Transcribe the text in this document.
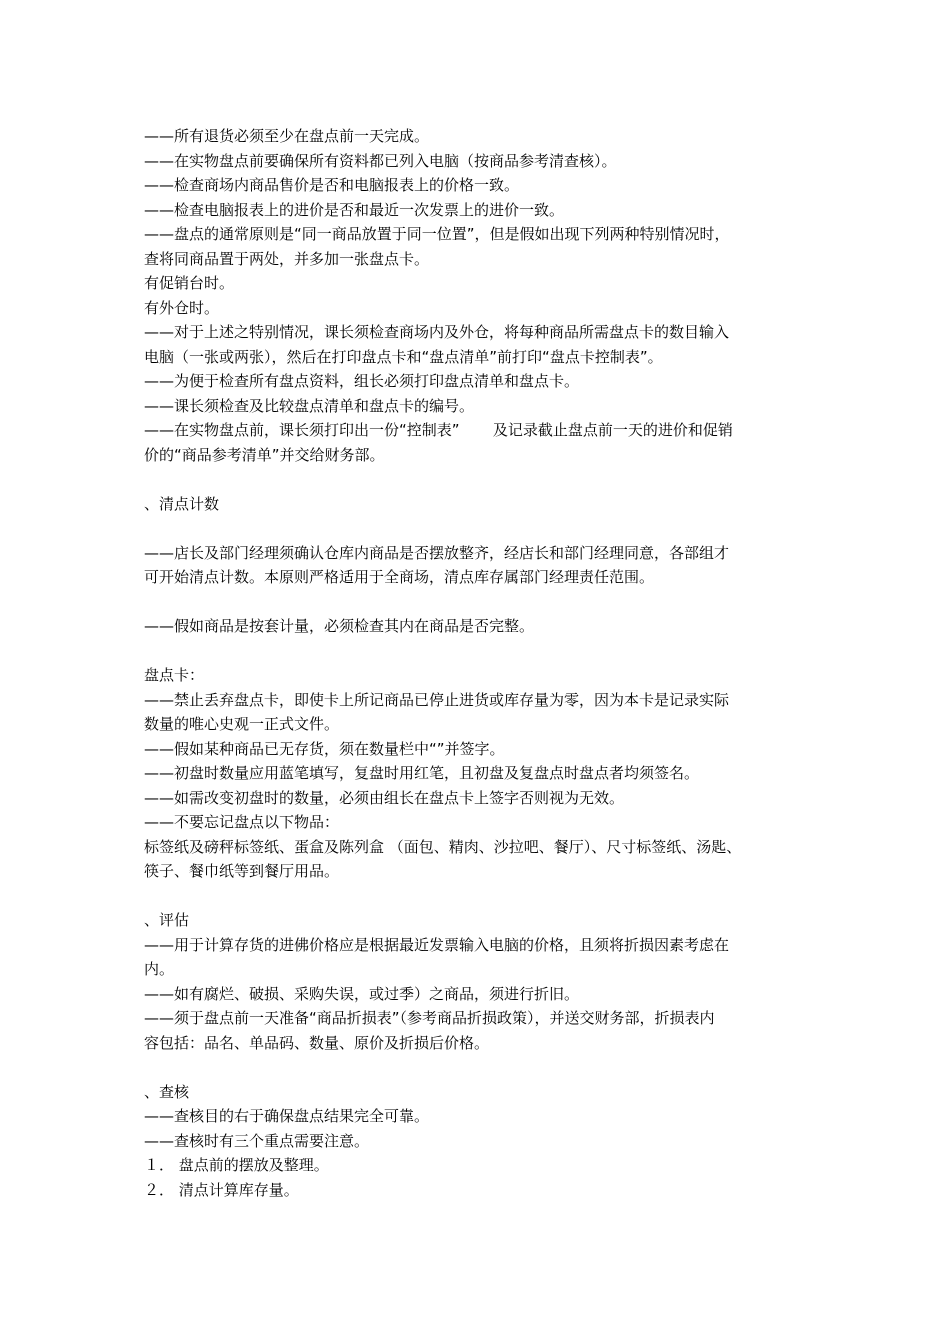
——所有退货必须至少在盘点前一天完成。
——在实物盘点前要确保所有资料都已列入电脑（按商品参考清查核）。
——检查商场内商品售价是否和电脑报表上的价格一致。
——检查电脑报表上的进价是否和最近一次发票上的进价一致。
——盘点的通常原则是“同一商品放置于同一位置”，但是假如出现下列两种特别情况时，
查将同商品置于两处，并多加一张盘点卡。
有促销台时。
有外仓时。
——对于上述之特别情况，课长须检查商场内及外仓，将每种商品所需盘点卡的数目输入
电脑（一张或两张），然后在打印盘点卡和“盘点清单”前打印“盘点卡控制表”。
——为便于检查所有盘点资料，组长必须打印盘点清单和盘点卡。
——课长须检查及比较盘点清单和盘点卡的编号。
——在实物盘点前，课长须打印出一份“控制表”       及记录截止盘点前一天的进价和促销
价的“商品参考清单”并交给财务部。
、清点计数
——店长及部门经理须确认仓库内商品是否摆放整齐，经店长和部门经理同意，各部组才
可开始清点计数。本原则严格适用于全商场，清点库存属部门经理责任范围。
——假如商品是按套计量，必须检查其内在商品是否完整。
盘点卡：
——禁止丢弃盘点卡，即使卡上所记商品已停止进货或库存量为零，因为本卡是记录实际
数量的唯心史观一正式文件。
——假如某种商品已无存货，须在数量栏中“”并签字。
——初盘时数量应用蓝笔填写，复盘时用红笔，且初盘及复盘点时盘点者均须签名。
——如需改变初盘时的数量，必须由组长在盘点卡上签字否则视为无效。
——不要忘记盘点以下物品：
标签纸及磅秤标签纸、蛋盒及陈列盒 （面包、精肉、沙拉吧、餐厅）、尺寸标签纸、汤匙、
筷子、餐巾纸等到餐厅用品。
、评估
——用于计算存货的进佛价格应是根据最近发票输入电脑的价格，且须将折损因素考虑在
内。
——如有腐烂、破损、采购失误，或过季）之商品，须进行折旧。
——须于盘点前一天准备“商品折损表”（参考商品折损政策），并送交财务部，折损表内
容包括：品名、单品码、数量、原价及折损后价格。
、查核
——查核目的右于确保盘点结果完全可靠。
——查核时有三个重点需要注意。
１． 盘点前的摆放及整理。
２． 清点计算库存量。
